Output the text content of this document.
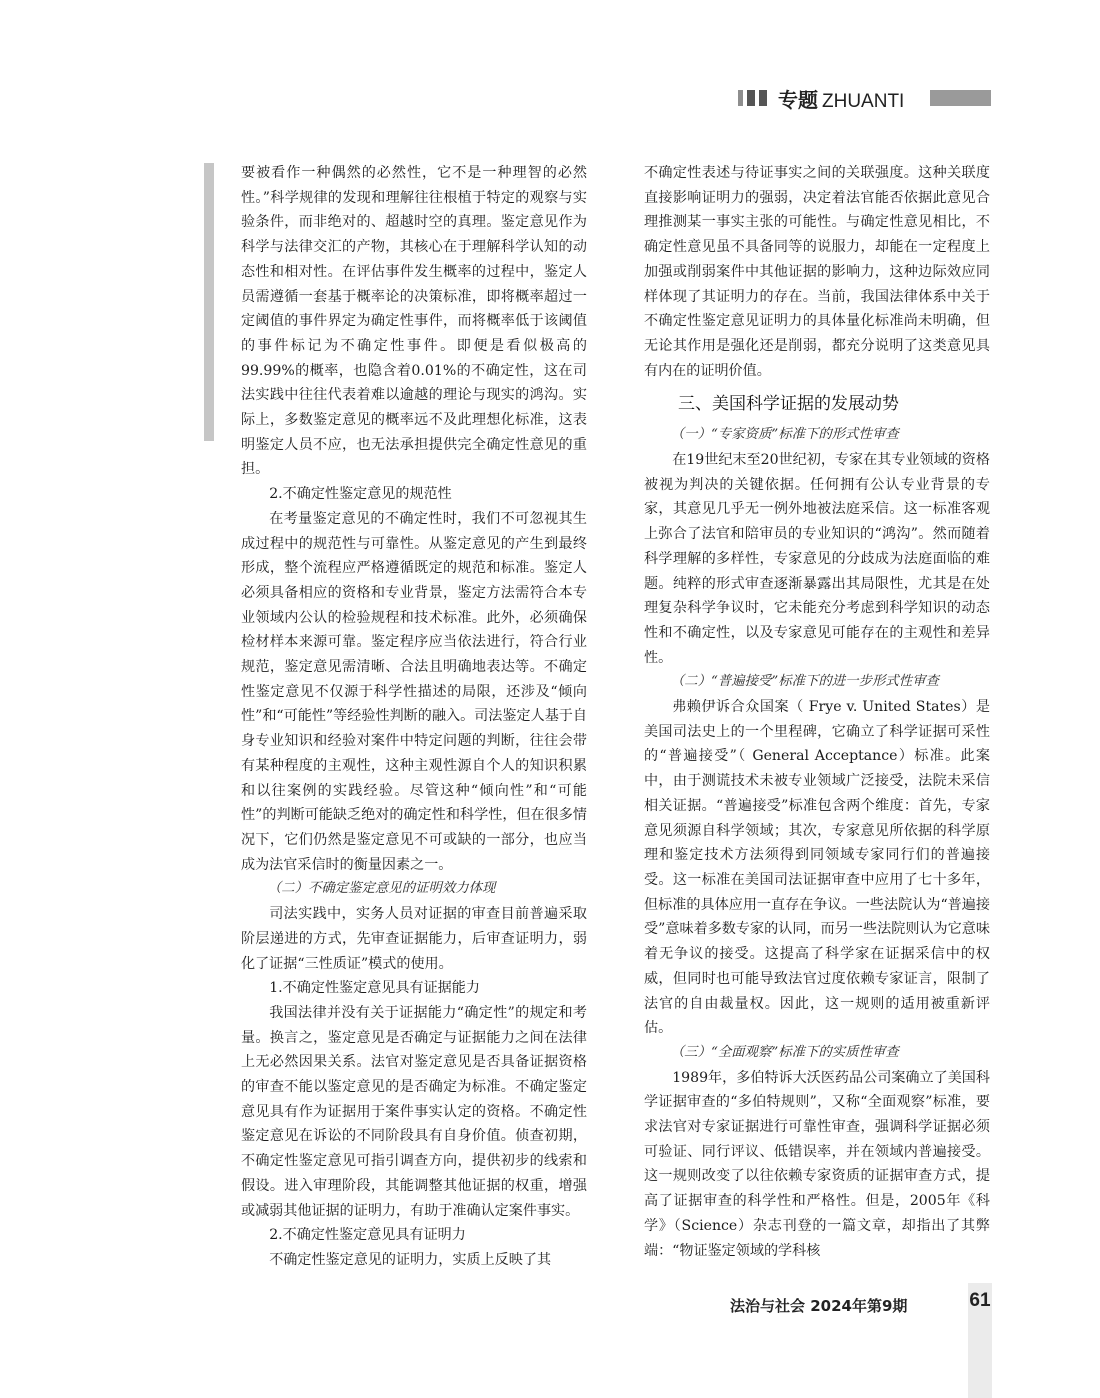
专题 ZHUANTI

要被看作一种偶然的必然性，它不是一种理智的必然性。”科学规律的发现和理解往往根植于特定的观察与实验条件，而非绝对的、超越时空的真理。鉴定意见作为科学与法律交汇的产物，其核心在于理解科学认知的动态性和相对性。在评估事件发生概率的过程中，鉴定人员需遵循一套基于概率论的决策标准，即将概率超过一定阈值的事件界定为确定性事件，而将概率低于该阈值的事件标记为不确定性事件。即便是看似极高的99.99%的概率，也隐含着0.01%的不确定性，这在司法实践中往往代表着难以逾越的理论与现实的鸿沟。实际上，多数鉴定意见的概率远不及此理想化标准，这表明鉴定人员不应，也无法承担提供完全确定性意见的重担。

2.不确定性鉴定意见的规范性

在考量鉴定意见的不确定性时，我们不可忽视其生成过程中的规范性与可靠性。从鉴定意见的产生到最终形成，整个流程应严格遵循既定的规范和标准。鉴定人必须具备相应的资格和专业背景，鉴定方法需符合本专业领域内公认的检验规程和技术标准。此外，必须确保检材样本来源可靠。鉴定程序应当依法进行，符合行业规范，鉴定意见需清晰、合法且明确地表达等。不确定性鉴定意见不仅源于科学性描述的局限，还涉及“倾向性”和“可能性”等经验性判断的融入。司法鉴定人基于自身专业知识和经验对案件中特定问题的判断，往往会带有某种程度的主观性，这种主观性源自个人的知识积累和以往案例的实践经验。尽管这种“倾向性”和“可能性”的判断可能缺乏绝对的确定性和科学性，但在很多情况下，它们仍然是鉴定意见不可或缺的一部分，也应当成为法官采信时的衡量因素之一。

（二）不确定鉴定意见的证明效力体现

司法实践中，实务人员对证据的审查目前普遍采取阶层递进的方式，先审查证据能力，后审查证明力，弱化了证据“三性质证”模式的使用。

1.不确定性鉴定意见具有证据能力

我国法律并没有关于证据能力“确定性”的规定和考量。换言之，鉴定意见是否确定与证据能力之间在法律上无必然因果关系。法官对鉴定意见是否具备证据资格的审查不能以鉴定意见的是否确定为标准。不确定鉴定意见具有作为证据用于案件事实认定的资格。不确定性鉴定意见在诉讼的不同阶段具有自身价值。侦查初期，不确定性鉴定意见可指引调查方向，提供初步的线索和假设。进入审理阶段，其能调整其他证据的权重，增强或减弱其他证据的证明力，有助于准确认定案件事实。

2.不确定性鉴定意见具有证明力

不确定性鉴定意见的证明力，实质上反映了其

不确定性表述与待证事实之间的关联强度。这种关联度直接影响证明力的强弱，决定着法官能否依据此意见合理推测某一事实主张的可能性。与确定性意见相比，不确定性意见虽不具备同等的说服力，却能在一定程度上加强或削弱案件中其他证据的影响力，这种边际效应同样体现了其证明力的存在。当前，我国法律体系中关于不确定性鉴定意见证明力的具体量化标准尚未明确，但无论其作用是强化还是削弱，都充分说明了这类意见具有内在的证明价值。

三、美国科学证据的发展动势

（一）“专家资质”标准下的形式性审查

在19世纪末至20世纪初，专家在其专业领域的资格被视为判决的关键依据。任何拥有公认专业背景的专家，其意见几乎无一例外地被法庭采信。这一标准客观上弥合了法官和陪审员的专业知识的“鸿沟”。然而随着科学理解的多样性，专家意见的分歧成为法庭面临的难题。纯粹的形式审查逐渐暴露出其局限性，尤其是在处理复杂科学争议时，它未能充分考虑到科学知识的动态性和不确定性，以及专家意见可能存在的主观性和差异性。

（二）“普遍接受”标准下的进一步形式性审查

弗赖伊诉合众国案（ Frye v. United States）是美国司法史上的一个里程碑，它确立了科学证据可采性的“普遍接受”（ General Acceptance）标准。此案中，由于测谎技术未被专业领域广泛接受，法院未采信相关证据。“普遍接受”标准包含两个维度：首先，专家意见须源自科学领域；其次，专家意见所依据的科学原理和鉴定技术方法须得到同领域专家同行们的普遍接受。这一标准在美国司法证据审查中应用了七十多年，但标准的具体应用一直存在争议。一些法院认为“普遍接受”意味着多数专家的认同，而另一些法院则认为它意味着无争议的接受。这提高了科学家在证据采信中的权威，但同时也可能导致法官过度依赖专家证言，限制了法官的自由裁量权。因此，这一规则的适用被重新评估。

（三）“全面观察”标准下的实质性审查

1989年，多伯特诉大沃医药品公司案确立了美国科学证据审查的“多伯特规则”，又称“全面观察”标准，要求法官对专家证据进行可靠性审查，强调科学证据必须可验证、同行评议、低错误率，并在领域内普遍接受。这一规则改变了以往依赖专家资质的证据审查方式，提高了证据审查的科学性和严格性。但是，2005年《科学》（Science）杂志刊登的一篇文章，却指出了其弊端：“物证鉴定领域的学科核

法治与社会 2024年第9期	61
